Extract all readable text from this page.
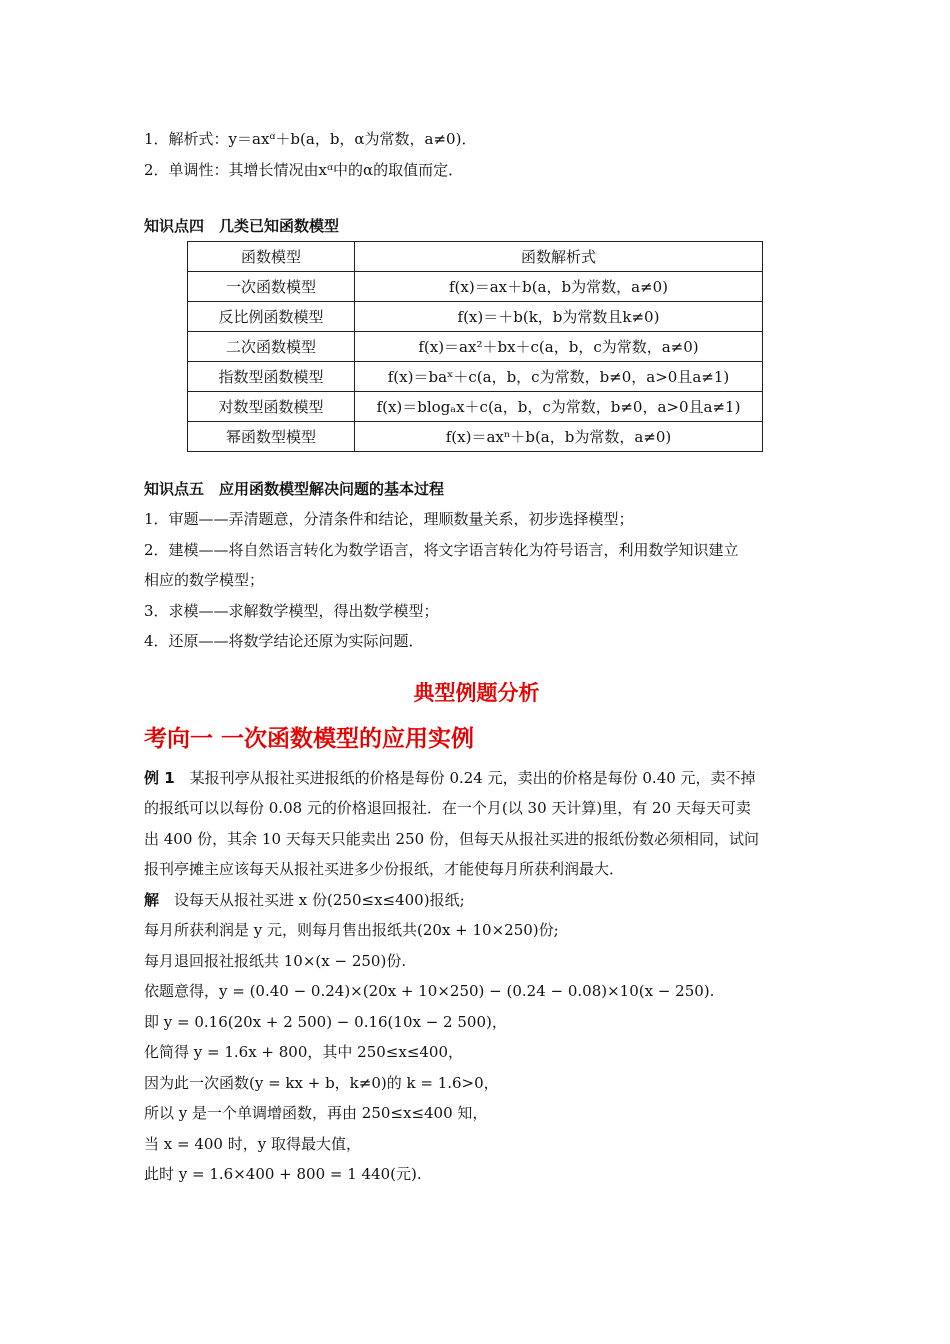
1．解析式：y＝axᵅ＋b(a，b，α为常数，a≠0)．
2．单调性：其增长情况由xᵅ中的α的取值而定．
知识点四　几类已知函数模型
函数模型	函数解析式
一次函数模型	f(x)＝ax＋b(a，b为常数，a≠0)
反比例函数模型	f(x)＝＋b(k，b为常数且k≠0)
二次函数模型	f(x)＝ax²＋bx＋c(a，b，c为常数，a≠0)
指数型函数模型	f(x)＝baˣ＋c(a，b，c为常数，b≠0，a>0且a≠1)
对数型函数模型	f(x)＝blogₐx＋c(a，b，c为常数，b≠0，a>0且a≠1)
幂函数型模型	f(x)＝axⁿ＋b(a，b为常数，a≠0)
知识点五　应用函数模型解决问题的基本过程
1．审题——弄清题意，分清条件和结论，理顺数量关系，初步选择模型；
2．建模——将自然语言转化为数学语言，将文字语言转化为符号语言，利用数学知识建立
相应的数学模型；
3．求模——求解数学模型，得出数学模型；
4．还原——将数学结论还原为实际问题．
典型例题分析
考向一 一次函数模型的应用实例
例 1　某报刊亭从报社买进报纸的价格是每份 0.24 元，卖出的价格是每份 0.40 元，卖不掉
的报纸可以以每份 0.08 元的价格退回报社．在一个月(以 30 天计算)里，有 20 天每天可卖
出 400 份，其余 10 天每天只能卖出 250 份，但每天从报社买进的报纸份数必须相同，试问
报刊亭摊主应该每天从报社买进多少份报纸，才能使每月所获利润最大．
解　设每天从报社买进 x 份(250≤x≤400)报纸;
每月所获利润是 y 元，则每月售出报纸共(20x + 10×250)份;
每月退回报社报纸共 10×(x − 250)份.
依题意得，y = (0.40 − 0.24)×(20x + 10×250) − (0.24 − 0.08)×10(x − 250).
即 y = 0.16(20x + 2 500) − 0.16(10x − 2 500)，
化简得 y = 1.6x + 800，其中 250≤x≤400，
因为此一次函数(y = kx + b，k≠0)的 k = 1.6>0，
所以 y 是一个单调增函数，再由 250≤x≤400 知，
当 x = 400 时，y 取得最大值，
此时 y = 1.6×400 + 800 = 1 440(元).
